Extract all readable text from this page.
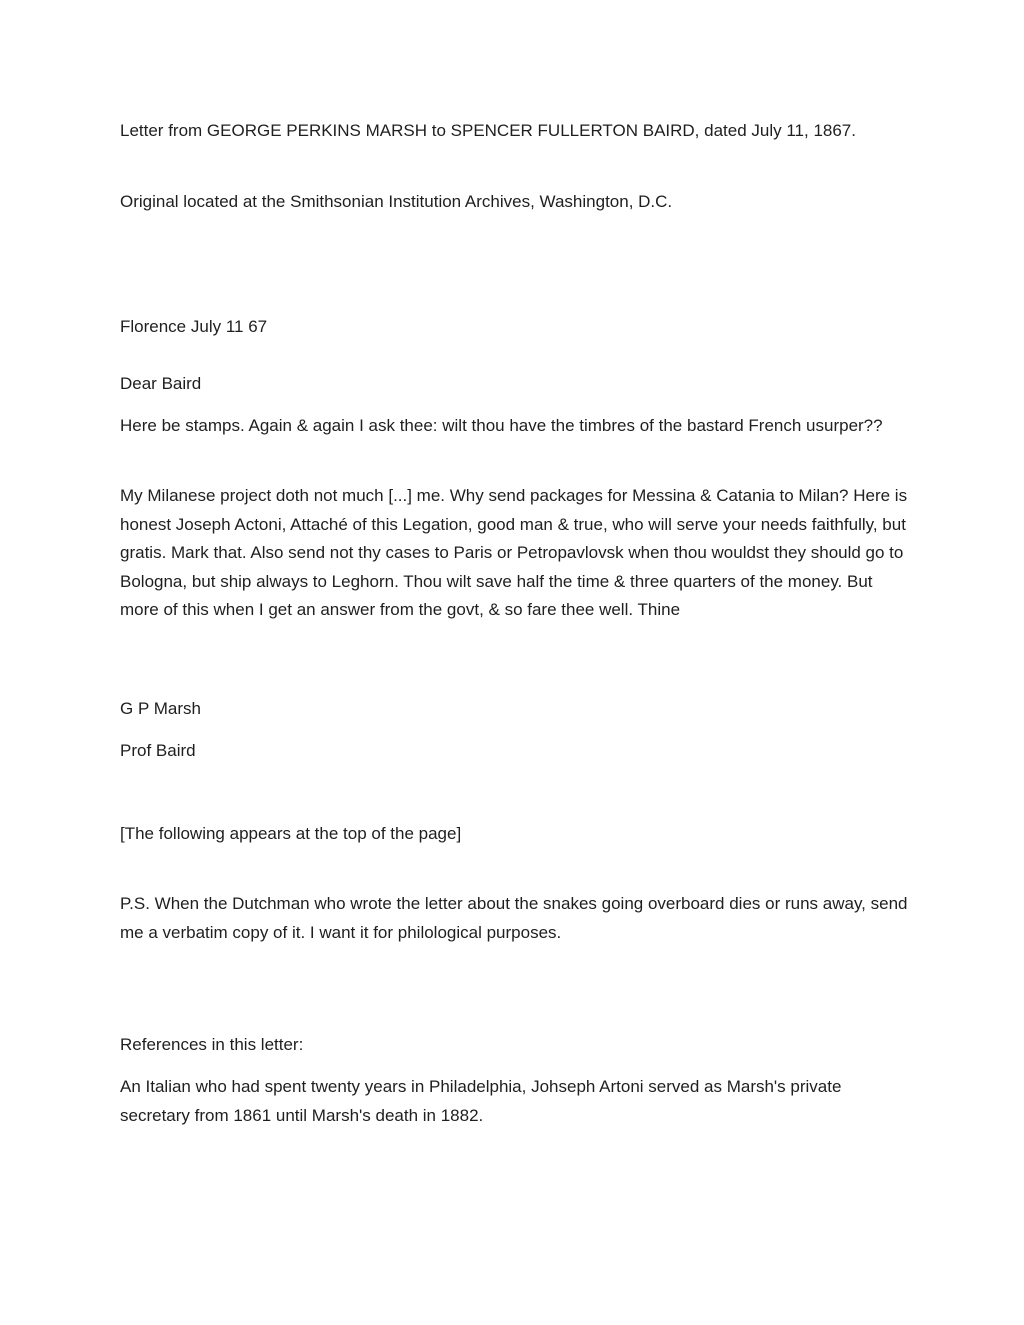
Letter from GEORGE PERKINS MARSH to SPENCER FULLERTON BAIRD, dated July 11, 1867.

Original located at the Smithsonian Institution Archives, Washington, D.C.

Florence July 11 67

Dear Baird

Here be stamps. Again & again I ask thee: wilt thou have the timbres of the bastard French usurper??

My Milanese project doth not much [...] me. Why send packages for Messina & Catania to Milan? Here is honest Joseph Actoni, Attaché of this Legation, good man & true, who will serve your needs faithfully, but gratis. Mark that. Also send not thy cases to Paris or Petropavlovsk when thou wouldst they should go to Bologna, but ship always to Leghorn. Thou wilt save half the time & three quarters of the money. But more of this when I get an answer from the govt, & so fare thee well. Thine

G P Marsh

Prof Baird

[The following appears at the top of the page]

P.S. When the Dutchman who wrote the letter about the snakes going overboard dies or runs away, send me a verbatim copy of it. I want it for philological purposes.

References in this letter:

An Italian who had spent twenty years in Philadelphia, Johseph Artoni served as Marsh's private secretary from 1861 until Marsh's death in 1882.
